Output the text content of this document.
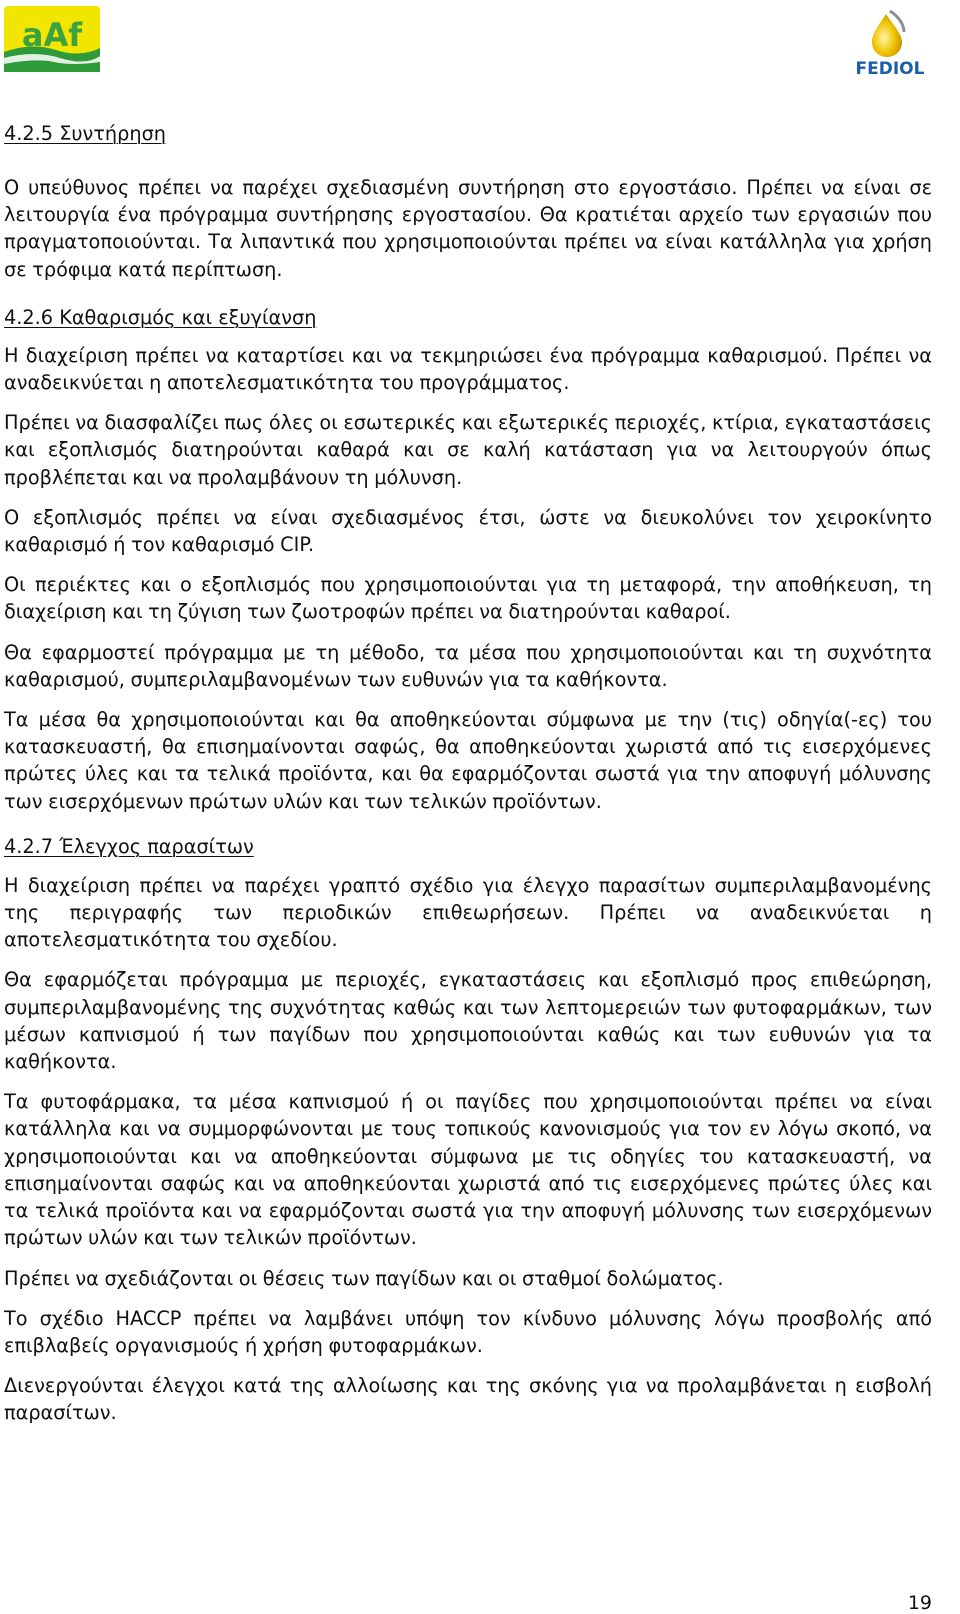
aAf
FEDIOL
4.2.5 Συντήρηση
Ο υπεύθυνος πρέπει να παρέχει σχεδιασμένη συντήρηση στο εργοστάσιο. Πρέπει να είναι σε λειτουργία ένα πρόγραμμα συντήρησης εργοστασίου. Θα κρατιέται αρχείο των εργασιών που πραγματοποιούνται. Τα λιπαντικά που χρησιμοποιούνται πρέπει να είναι κατάλληλα για χρήση σε τρόφιμα κατά περίπτωση.
4.2.6 Καθαρισμός και εξυγίανση
Η διαχείριση πρέπει να καταρτίσει και να τεκμηριώσει ένα πρόγραμμα καθαρισμού. Πρέπει να αναδεικνύεται η αποτελεσματικότητα του προγράμματος.
Πρέπει να διασφαλίζει πως όλες οι εσωτερικές και εξωτερικές περιοχές, κτίρια, εγκαταστάσεις και εξοπλισμός διατηρούνται καθαρά και σε καλή κατάσταση για να λειτουργούν όπως προβλέπεται και να προλαμβάνουν τη μόλυνση.
Ο εξοπλισμός πρέπει να είναι σχεδιασμένος έτσι, ώστε να διευκολύνει τον χειροκίνητο καθαρισμό ή τον καθαρισμό CIP.
Οι περιέκτες και ο εξοπλισμός που χρησιμοποιούνται για τη μεταφορά, την αποθήκευση, τη διαχείριση και τη ζύγιση των ζωοτροφών πρέπει να διατηρούνται καθαροί.
Θα εφαρμοστεί πρόγραμμα με τη μέθοδο, τα μέσα που χρησιμοποιούνται και τη συχνότητα καθαρισμού, συμπεριλαμβανομένων των ευθυνών για τα καθήκοντα.
Τα μέσα θα χρησιμοποιούνται και θα αποθηκεύονται σύμφωνα με την (τις) οδηγία(-ες) του κατασκευαστή, θα επισημαίνονται σαφώς, θα αποθηκεύονται χωριστά από τις εισερχόμενες πρώτες ύλες και τα τελικά προϊόντα, και θα εφαρμόζονται σωστά για την αποφυγή μόλυνσης των εισερχόμενων πρώτων υλών και των τελικών προϊόντων.
4.2.7 Έλεγχος παρασίτων
Η διαχείριση πρέπει να παρέχει γραπτό σχέδιο για έλεγχο παρασίτων συμπεριλαμβανομένης της περιγραφής των περιοδικών επιθεωρήσεων. Πρέπει να αναδεικνύεται η αποτελεσματικότητα του σχεδίου.
Θα εφαρμόζεται πρόγραμμα με περιοχές, εγκαταστάσεις και εξοπλισμό προς επιθεώρηση, συμπεριλαμβανομένης της συχνότητας καθώς και των λεπτομερειών των φυτοφαρμάκων, των μέσων καπνισμού ή των παγίδων που χρησιμοποιούνται καθώς και των ευθυνών για τα καθήκοντα.
Τα φυτοφάρμακα, τα μέσα καπνισμού ή οι παγίδες που χρησιμοποιούνται πρέπει να είναι κατάλληλα και να συμμορφώνονται με τους τοπικούς κανονισμούς για τον εν λόγω σκοπό, να χρησιμοποιούνται και να αποθηκεύονται σύμφωνα με τις οδηγίες του κατασκευαστή, να επισημαίνονται σαφώς και να αποθηκεύονται χωριστά από τις εισερχόμενες πρώτες ύλες και τα τελικά προϊόντα και να εφαρμόζονται σωστά για την αποφυγή μόλυνσης των εισερχόμενων πρώτων υλών και των τελικών προϊόντων.
Πρέπει να σχεδιάζονται οι θέσεις των παγίδων και οι σταθμοί δολώματος.
Το σχέδιο HACCP πρέπει να λαμβάνει υπόψη τον κίνδυνο μόλυνσης λόγω προσβολής από επιβλαβείς οργανισμούς ή χρήση φυτοφαρμάκων.
Διενεργούνται έλεγχοι κατά της αλλοίωσης και της σκόνης για να προλαμβάνεται η εισβολή παρασίτων.
19
